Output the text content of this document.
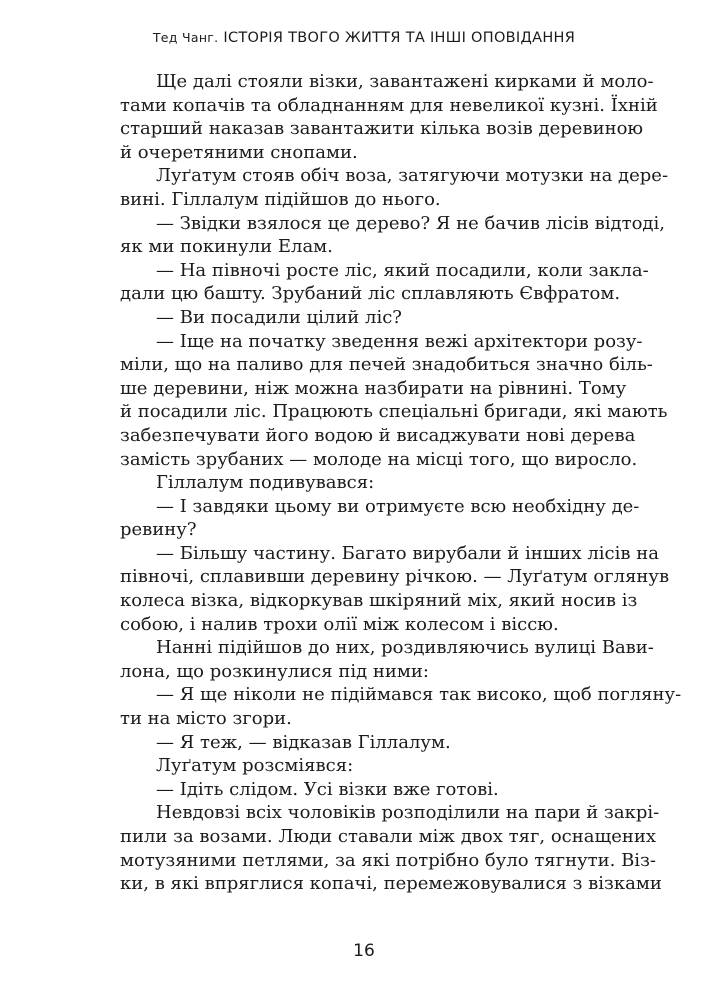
Тед Чанг. ІСТОРІЯ ТВОГО ЖИТТЯ ТА ІНШІ ОПОВІДАННЯ

Ще далі стояли візки, завантажені кирками й моло-
тами копачів та обладнанням для невеликої кузні. Їхній
старший наказав завантажити кілька возів деревиною
й очеретяними снопами.

Луґатум стояв обіч воза, затягуючи мотузки на дере-
вині. Гіллалум підійшов до нього.

— Звідки взялося це дерево? Я не бачив лісів відтоді,
як ми покинули Елам.

— На півночі росте ліс, який посадили, коли закла-
дали цю баштy. Зрубаний ліс сплавляють Євфратом.

— Ви посадили цілий ліс?

— Іще на початку зведення вежі архітектори розу-
міли, що на паливо для печей знадобиться значно біль-
ше деревини, ніж можна назбирати на рівнині. Тому
й посадили ліс. Працюють спеціальні бригади, які мають
забезпечувати його водою й висаджувати нові дерева
замість зрубаних — молоде на місці того, що виросло.

Гіллалум подивувався:

— І завдяки цьому ви отримуєте всю необхідну де-
ревину?

— Більшу частину. Багато вирубали й інших лісів на
півночі, сплавивши деревину річкою. — Луґатум оглянув
колеса візка, відкоркував шкіряний міх, який носив із
собою, і налив трохи олії між колесом і віссю.

Нанні підійшов до них, роздивляючись вулиці Вави-
лона, що розкинулися під ними:

— Я ще ніколи не підіймався так високо, щоб погляну-
ти на місто згори.

— Я теж, — відказав Гіллалум.

Луґатум розсміявся:

— Ідіть слідом. Усі візки вже готові.

Невдовзі всіх чоловіків розподілили на пари й закрі-
пили за возами. Люди ставали між двох тяг, оснащених
мотузяними петлями, за які потрібно було тягнути. Віз-
ки, в які впряглися копачі, перемежовувалися з візками

16
